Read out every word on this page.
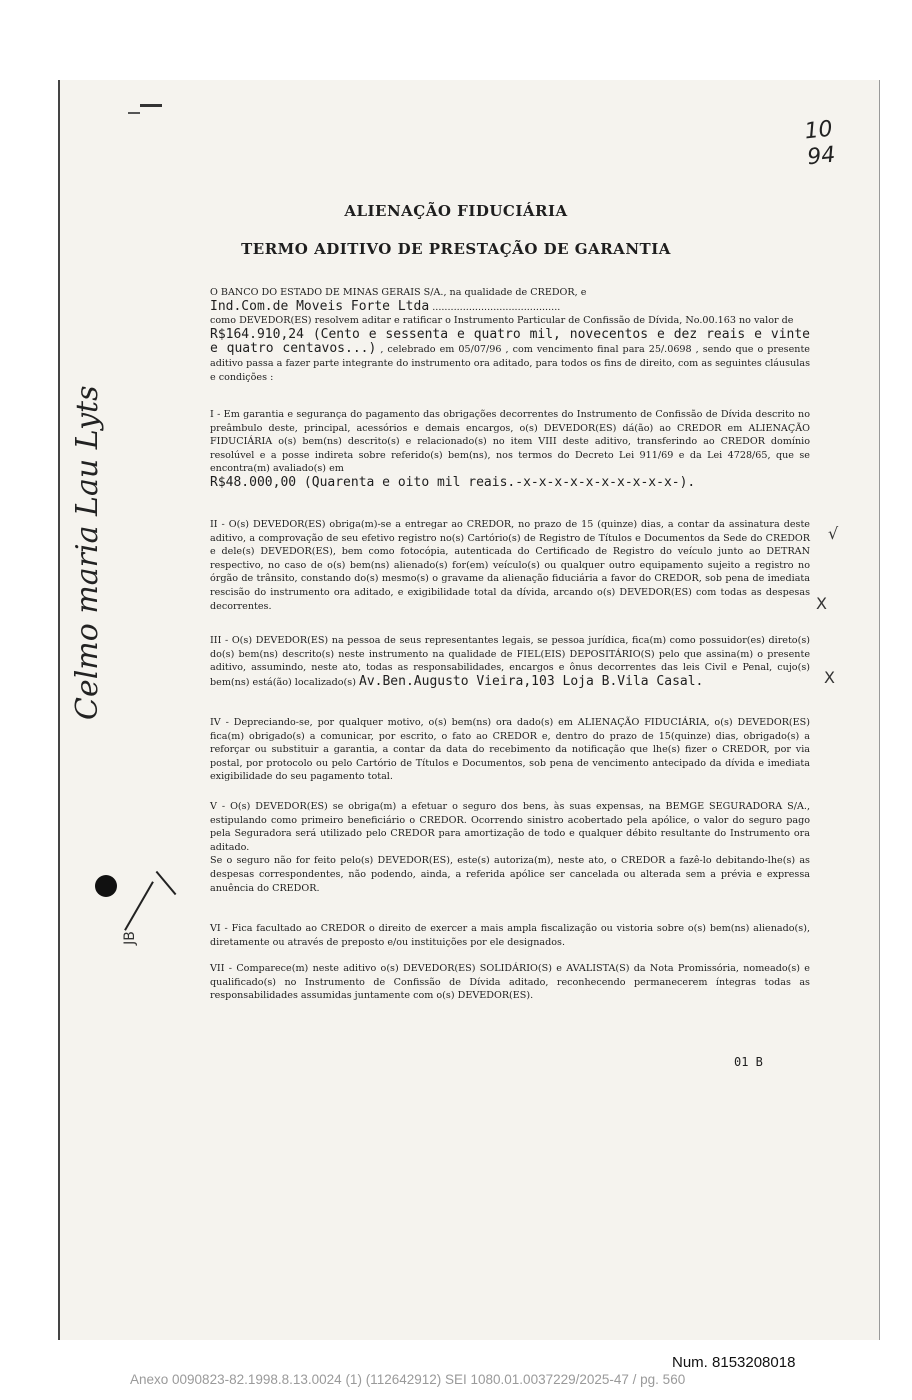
10
94
ALIENAÇÃO FIDUCIÁRIA
TERMO ADITIVO DE PRESTAÇÃO DE GARANTIA
O BANCO DO ESTADO DE MINAS GERAIS S/A., na qualidade de CREDOR, e
Ind.Com.de Moveis Forte Ltda ..........................................
como DEVEDOR(ES) resolvem aditar e ratificar o Instrumento Particular de Confissão de Dívida, No.00.163 no valor de
R$164.910,24 (Cento e sessenta e quatro mil, novecentos e dez reais e vinte e quatro centavos...) , celebrado em 05/07/96 , com vencimento final para 25/.0698 , sendo que o presente aditivo passa a fazer parte integrante do instrumento ora aditado, para todos os fins de direito, com as seguintes cláusulas e condições :
I - Em garantia e segurança do pagamento das obrigações decorrentes do Instrumento de Confissão de Dívida descrito no preâmbulo deste, principal, acessórios e demais encargos, o(s) DEVEDOR(ES) dá(ão) ao CREDOR em ALIENAÇÃO FIDUCIÁRIA o(s) bem(ns) descrito(s) e relacionado(s) no item VIII deste aditivo, transferindo ao CREDOR domínio resolúvel e a posse indireta sobre referido(s) bem(ns), nos termos do Decreto Lei 911/69 e da Lei 4728/65, que se encontra(m) avaliado(s) em
R$48.000,00 (Quarenta e oito mil reais.-x-x-x-x-x-x-x-x-x-x-).
II - O(s) DEVEDOR(ES) obriga(m)-se a entregar ao CREDOR, no prazo de 15 (quinze) dias, a contar da assinatura deste aditivo, a comprovação de seu efetivo registro no(s) Cartório(s) de Registro de Títulos e Documentos da Sede do CREDOR e dele(s) DEVEDOR(ES), bem como fotocópia, autenticada do Certificado de Registro do veículo junto ao DETRAN respectivo, no caso de o(s) bem(ns) alienado(s) for(em) veículo(s) ou qualquer outro equipamento sujeito a registro no órgão de trânsito, constando do(s) mesmo(s) o gravame da alienação fiduciária a favor do CREDOR, sob pena de imediata rescisão do instrumento ora aditado, e exigibilidade total da dívida, arcando o(s) DEVEDOR(ES) com todas as despesas decorrentes.
III - O(s) DEVEDOR(ES) na pessoa de seus representantes legais, se pessoa jurídica, fica(m) como possuidor(es) direto(s) do(s) bem(ns) descrito(s) neste instrumento na qualidade de FIEL(EIS) DEPOSITÁRIO(S) pelo que assina(m) o presente aditivo, assumindo, neste ato, todas as responsabilidades, encargos e ônus decorrentes das leis Civil e Penal, cujo(s) bem(ns) está(ão) localizado(s) Av.Ben.Augusto Vieira,103 Loja B.Vila Casal.
IV - Depreciando-se, por qualquer motivo, o(s) bem(ns) ora dado(s) em ALIENAÇÃO FIDUCIÁRIA, o(s) DEVEDOR(ES) fica(m) obrigado(s) a comunicar, por escrito, o fato ao CREDOR e, dentro do prazo de 15(quinze) dias, obrigado(s) a reforçar ou substituir a garantia, a contar da data do recebimento da notificação que lhe(s) fizer o CREDOR, por via postal, por protocolo ou pelo Cartório de Títulos e Documentos, sob pena de vencimento antecipado da dívida e imediata exigibilidade do seu pagamento total.
V - O(s) DEVEDOR(ES) se obriga(m) a efetuar o seguro dos bens, às suas expensas, na BEMGE SEGURADORA S/A., estipulando como primeiro beneficiário o CREDOR. Ocorrendo sinistro acobertado pela apólice, o valor do seguro pago pela Seguradora será utilizado pelo CREDOR para amortização de todo e qualquer débito resultante do Instrumento ora aditado.
Se o seguro não for feito pelo(s) DEVEDOR(ES), este(s) autoriza(m), neste ato, o CREDOR a fazê-lo debitando-lhe(s) as despesas correspondentes, não podendo, ainda, a referida apólice ser cancelada ou alterada sem a prévia e expressa anuência do CREDOR.
VI - Fica facultado ao CREDOR o direito de exercer a mais ampla fiscalização ou vistoria sobre o(s) bem(ns) alienado(s), diretamente ou através de preposto e/ou instituições por ele designados.
VII - Comparece(m) neste aditivo o(s) DEVEDOR(ES) SOLIDÁRIO(S) e AVALISTA(S) da Nota Promissória, nomeado(s) e qualificado(s) no Instrumento de Confissão de Dívida aditado, reconhecendo permanecerem íntegras todas as responsabilidades assumidas juntamente com o(s) DEVEDOR(ES).
01 B
√
X
X
Celmo maria Lau Lyts
JB
Num. 8153208018
Anexo 0090823-82.1998.8.13.0024 (1) (112642912) SEI 1080.01.0037229/2025-47 / pg. 560
